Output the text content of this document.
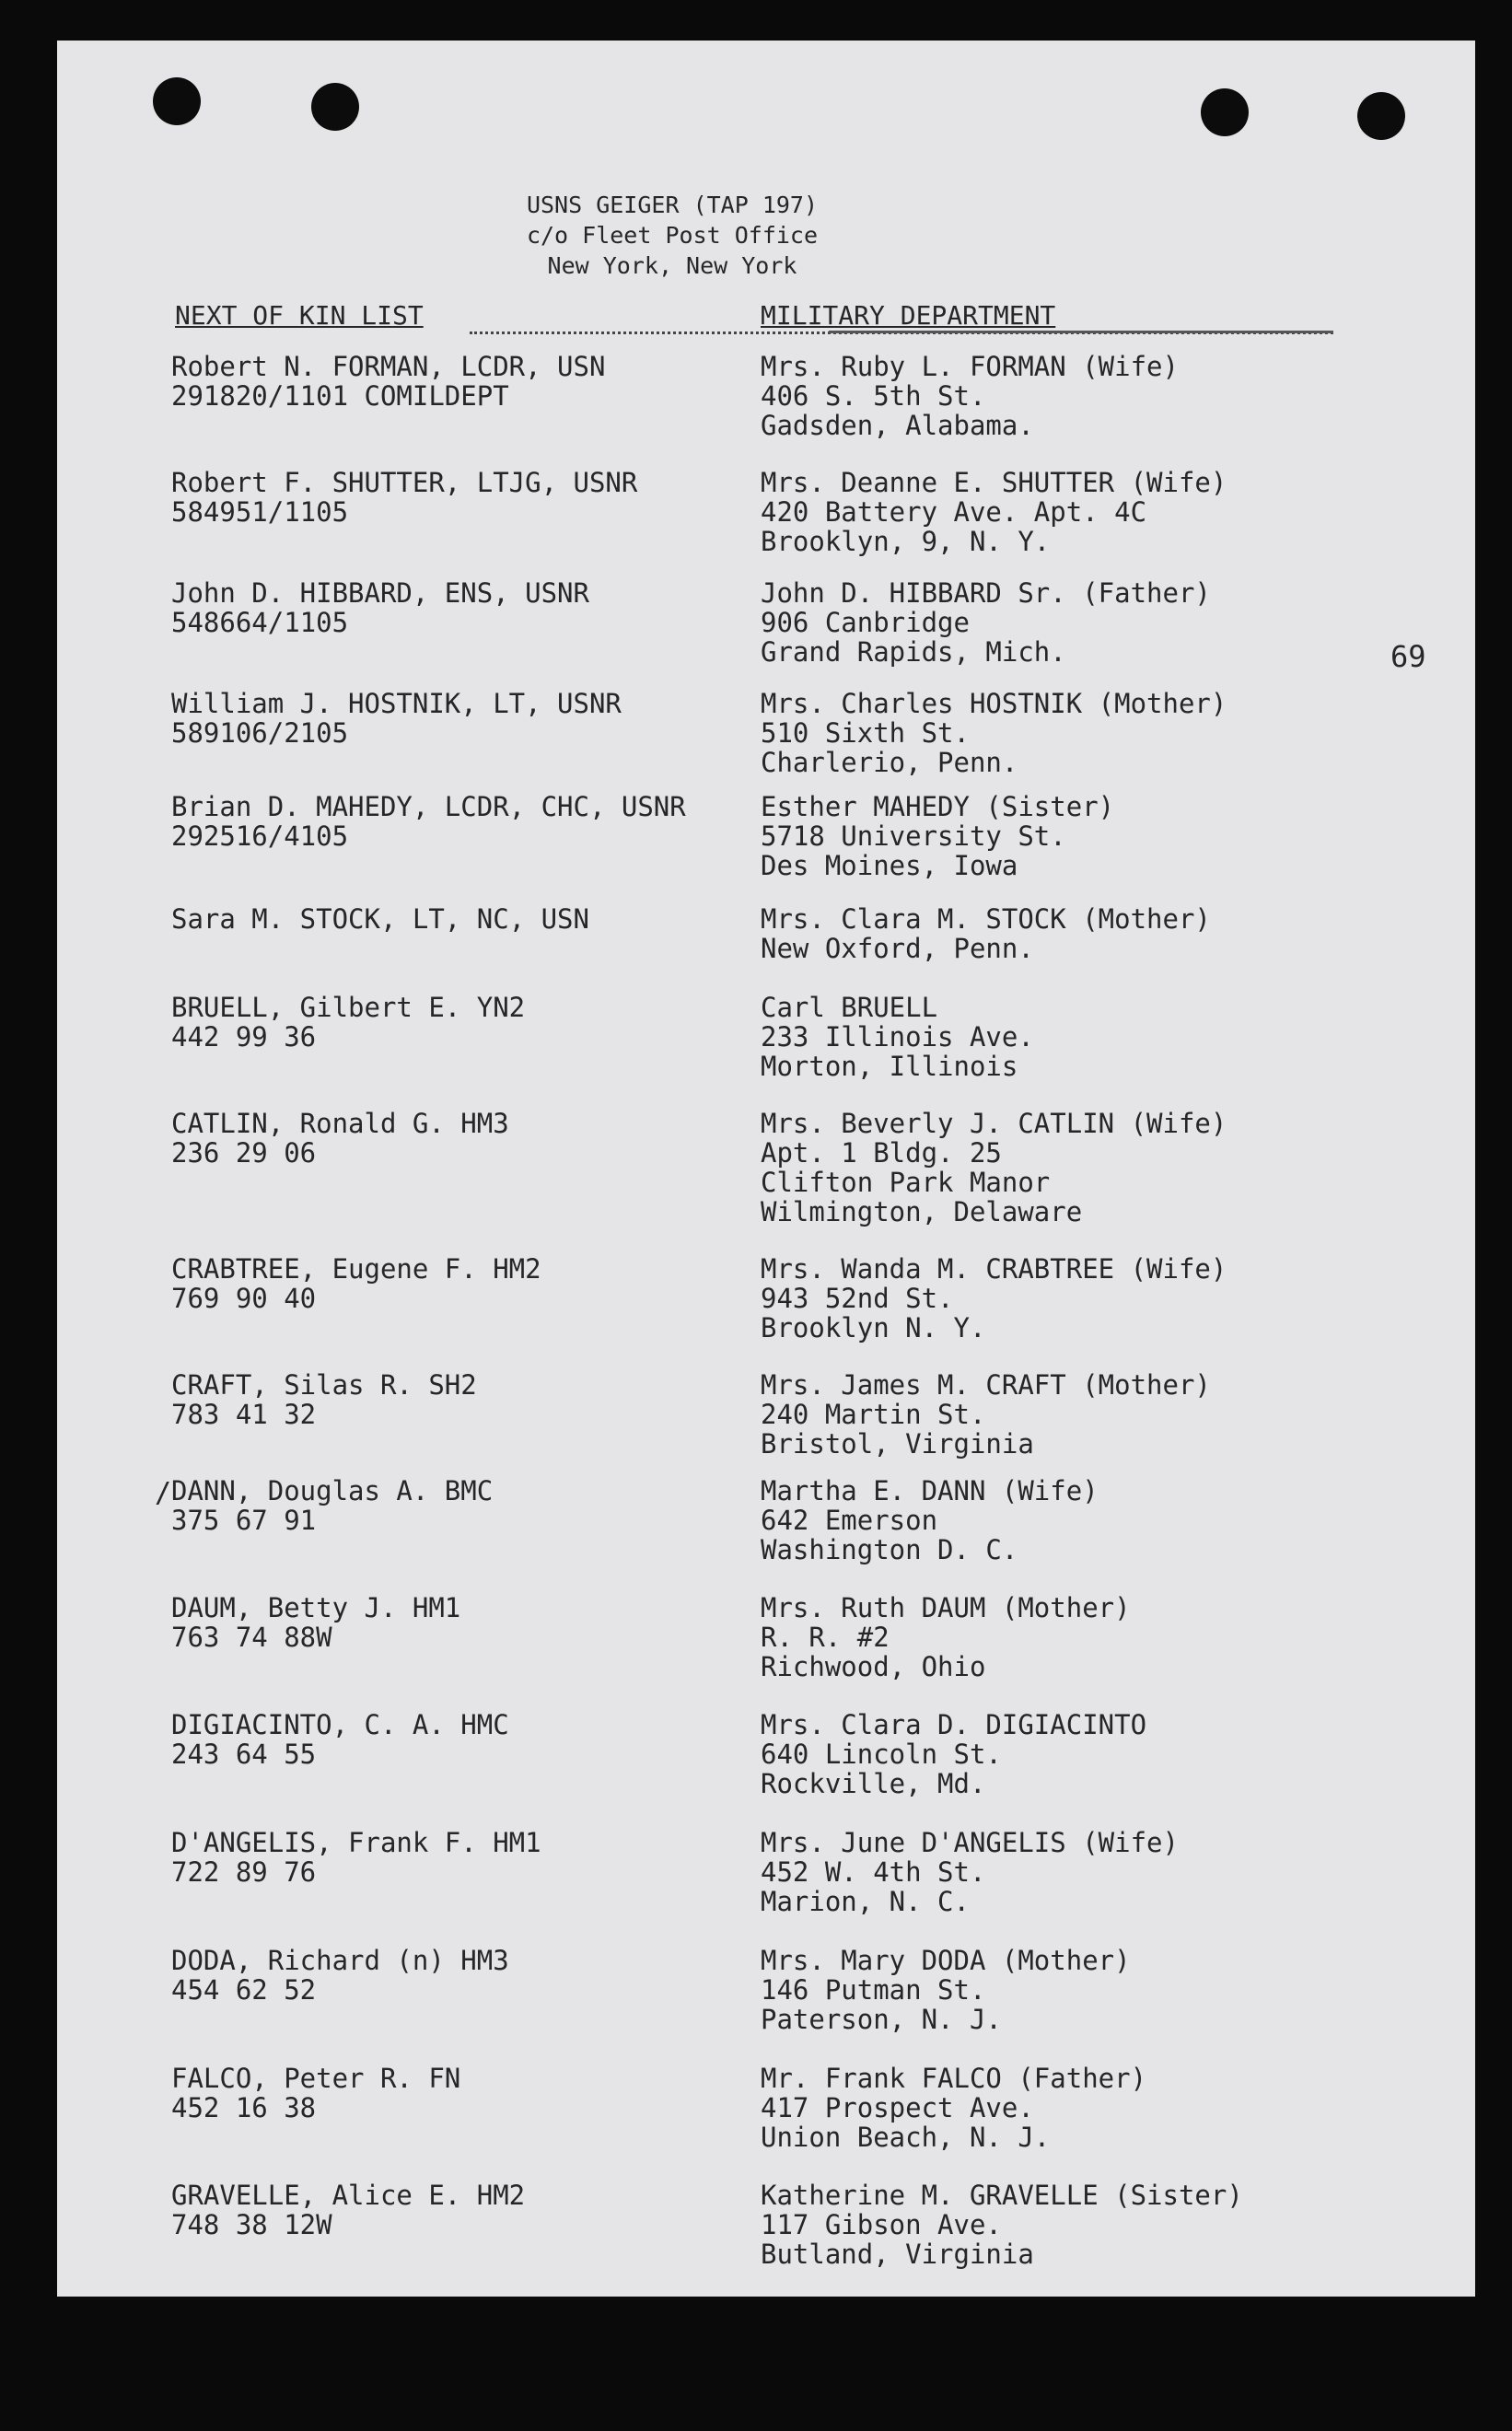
USNS GEIGER (TAP 197)
c/o Fleet Post Office
New York, New York
NEXT OF KIN LIST	MILITARY DEPARTMENT
69
/
Robert N. FORMAN, LCDR, USN
291820/1101 COMILDEPT
Mrs. Ruby L. FORMAN (Wife)
406 S. 5th St.
Gadsden, Alabama.
Robert F. SHUTTER, LTJG, USNR
584951/1105
Mrs. Deanne E. SHUTTER (Wife)
420 Battery Ave. Apt. 4C
Brooklyn, 9, N. Y.
John D. HIBBARD, ENS, USNR
548664/1105
John D. HIBBARD Sr. (Father)
906 Canbridge
Grand Rapids, Mich.
William J. HOSTNIK, LT, USNR
589106/2105
Mrs. Charles HOSTNIK (Mother)
510 Sixth St.
Charlerio, Penn.
Brian D. MAHEDY, LCDR, CHC, USNR
292516/4105
Esther MAHEDY (Sister)
5718 University St.
Des Moines, Iowa
Sara M. STOCK, LT, NC, USN	Mrs. Clara M. STOCK (Mother)
New Oxford, Penn.
BRUELL, Gilbert E. YN2
442 99 36
Carl BRUELL
233 Illinois Ave.
Morton, Illinois
CATLIN, Ronald G. HM3
236 29 06
Mrs. Beverly J. CATLIN (Wife)
Apt. 1 Bldg. 25
Clifton Park Manor
Wilmington, Delaware
CRABTREE, Eugene F. HM2
769 90 40
Mrs. Wanda M. CRABTREE (Wife)
943 52nd St.
Brooklyn N. Y.
CRAFT, Silas R. SH2
783 41 32
Mrs. James M. CRAFT (Mother)
240 Martin St.
Bristol, Virginia
DANN, Douglas A. BMC
375 67 91
Martha E. DANN (Wife)
642 Emerson
Washington D. C.
DAUM, Betty J. HM1
763 74 88W
Mrs. Ruth DAUM (Mother)
R. R. #2
Richwood, Ohio
DIGIACINTO, C. A. HMC
243 64 55
Mrs. Clara D. DIGIACINTO
640 Lincoln St.
Rockville, Md.
D'ANGELIS, Frank F. HM1
722 89 76
Mrs. June D'ANGELIS (Wife)
452 W. 4th St.
Marion, N. C.
DODA, Richard (n) HM3
454 62 52
Mrs. Mary DODA (Mother)
146 Putman St.
Paterson, N. J.
FALCO, Peter R. FN
452 16 38
Mr. Frank FALCO (Father)
417 Prospect Ave.
Union Beach, N. J.
GRAVELLE, Alice E. HM2
748 38 12W
Katherine M. GRAVELLE (Sister)
117 Gibson Ave.
Butland, Virginia
